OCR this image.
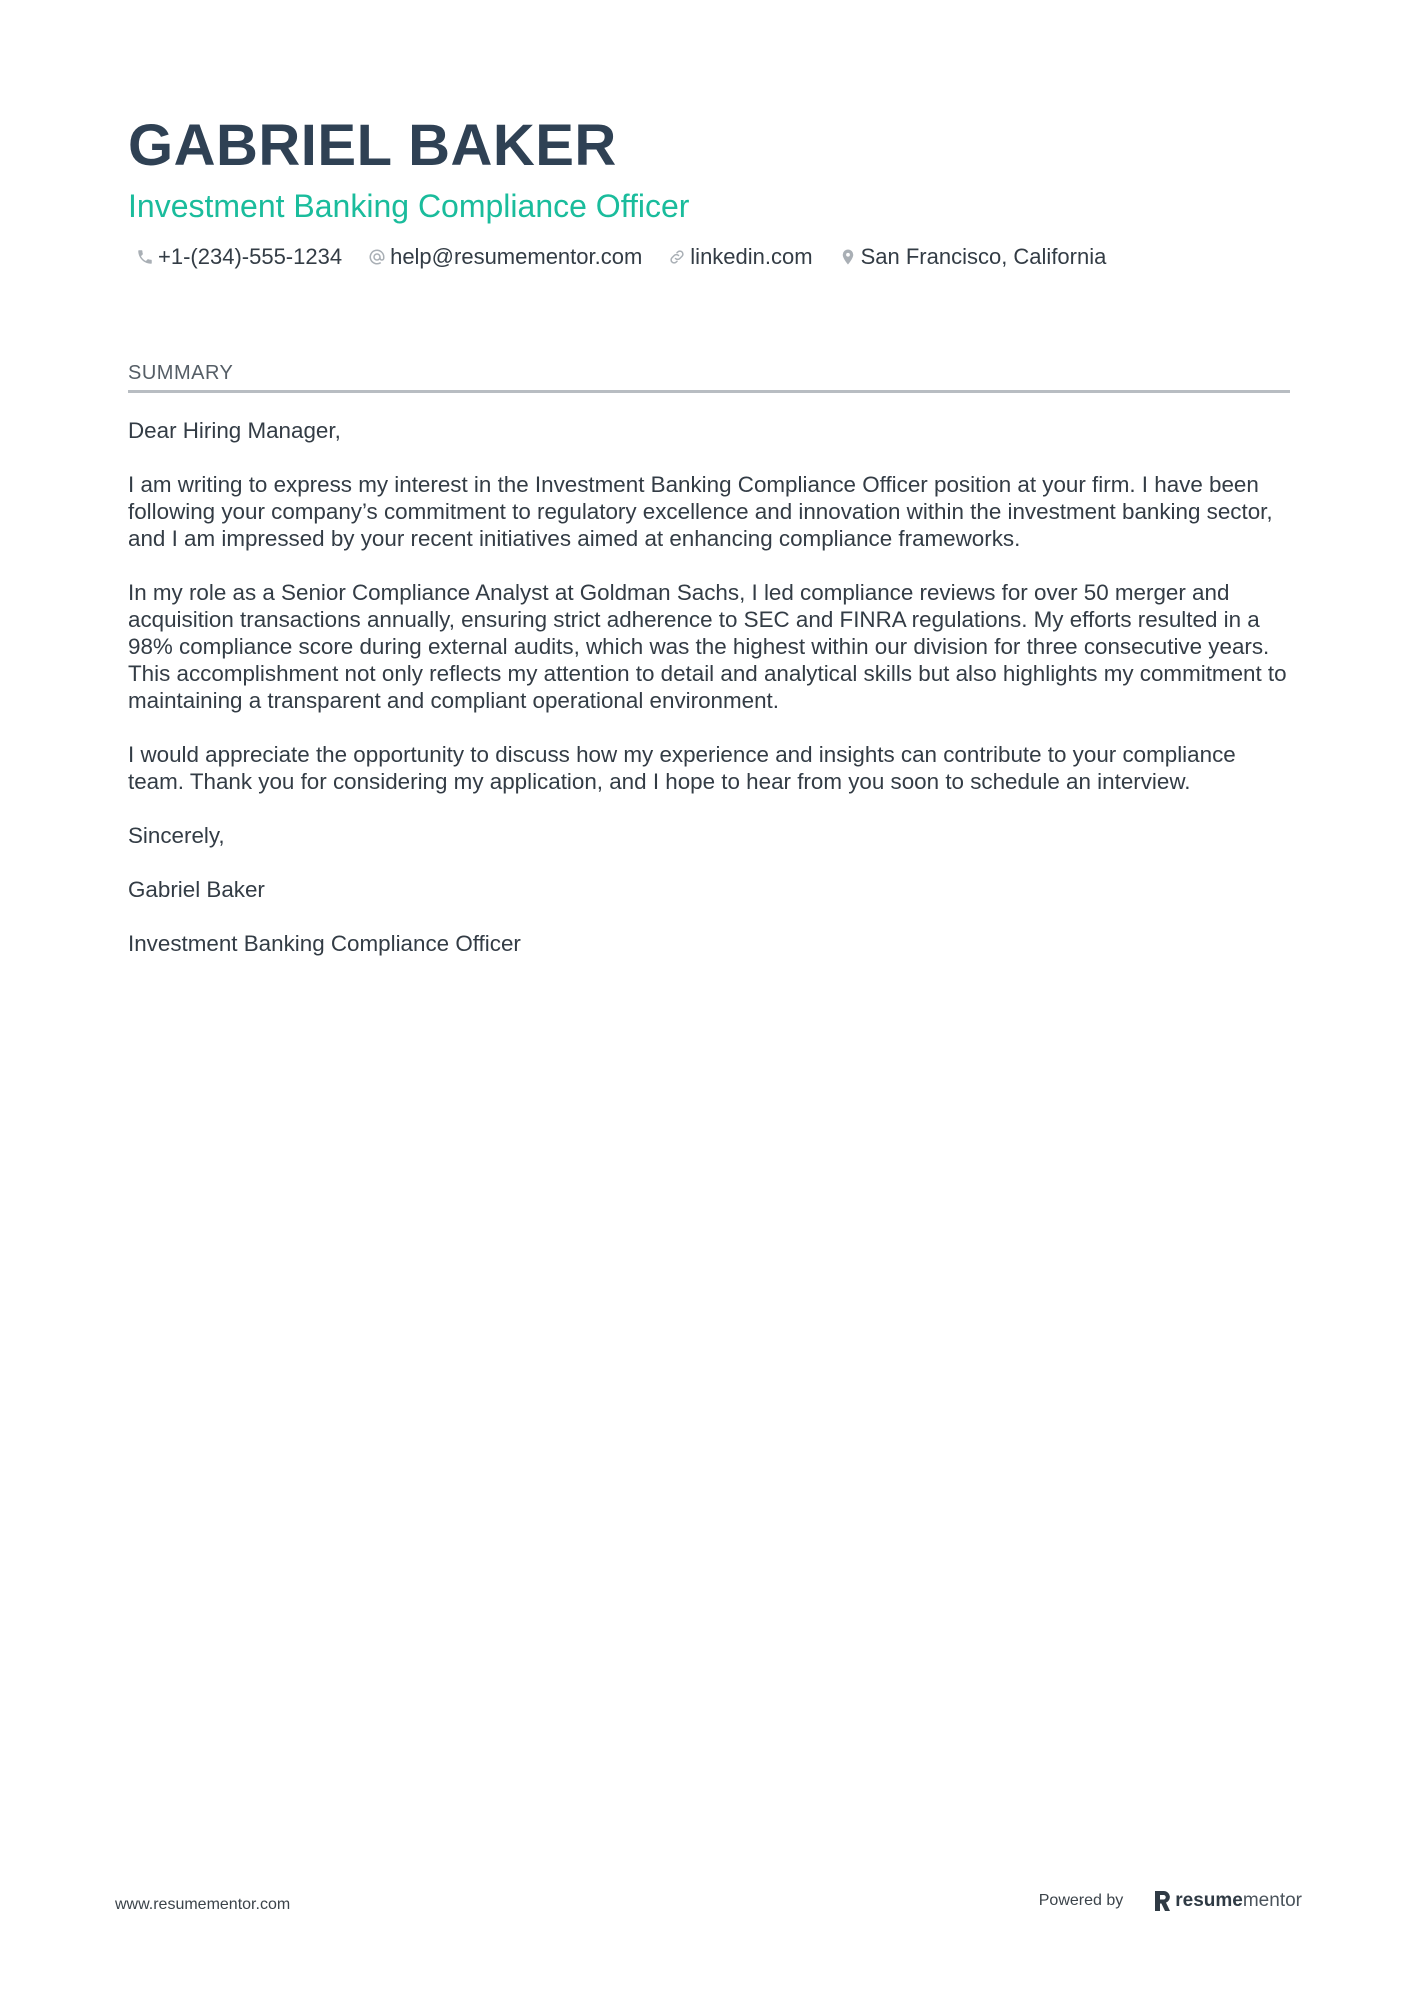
GABRIEL BAKER
Investment Banking Compliance Officer
+1-(234)-555-1234 help@resumementor.com linkedin.com San Francisco, California
SUMMARY

Dear Hiring Manager,

I am writing to express my interest in the Investment Banking Compliance Officer position at your firm. I have been following your company’s commitment to regulatory excellence and innovation within the investment banking sector, and I am impressed by your recent initiatives aimed at enhancing compliance frameworks.

In my role as a Senior Compliance Analyst at Goldman Sachs, I led compliance reviews for over 50 merger and acquisition transactions annually, ensuring strict adherence to SEC and FINRA regulations. My efforts resulted in a 98% compliance score during external audits, which was the highest within our division for three consecutive years. This accomplishment not only reflects my attention to detail and analytical skills but also highlights my commitment to maintaining a transparent and compliant operational environment.

I would appreciate the opportunity to discuss how my experience and insights can contribute to your compliance team. Thank you for considering my application, and I hope to hear from you soon to schedule an interview.

Sincerely,

Gabriel Baker

Investment Banking Compliance Officer

www.resumementor.com	Powered by	resume mentor
